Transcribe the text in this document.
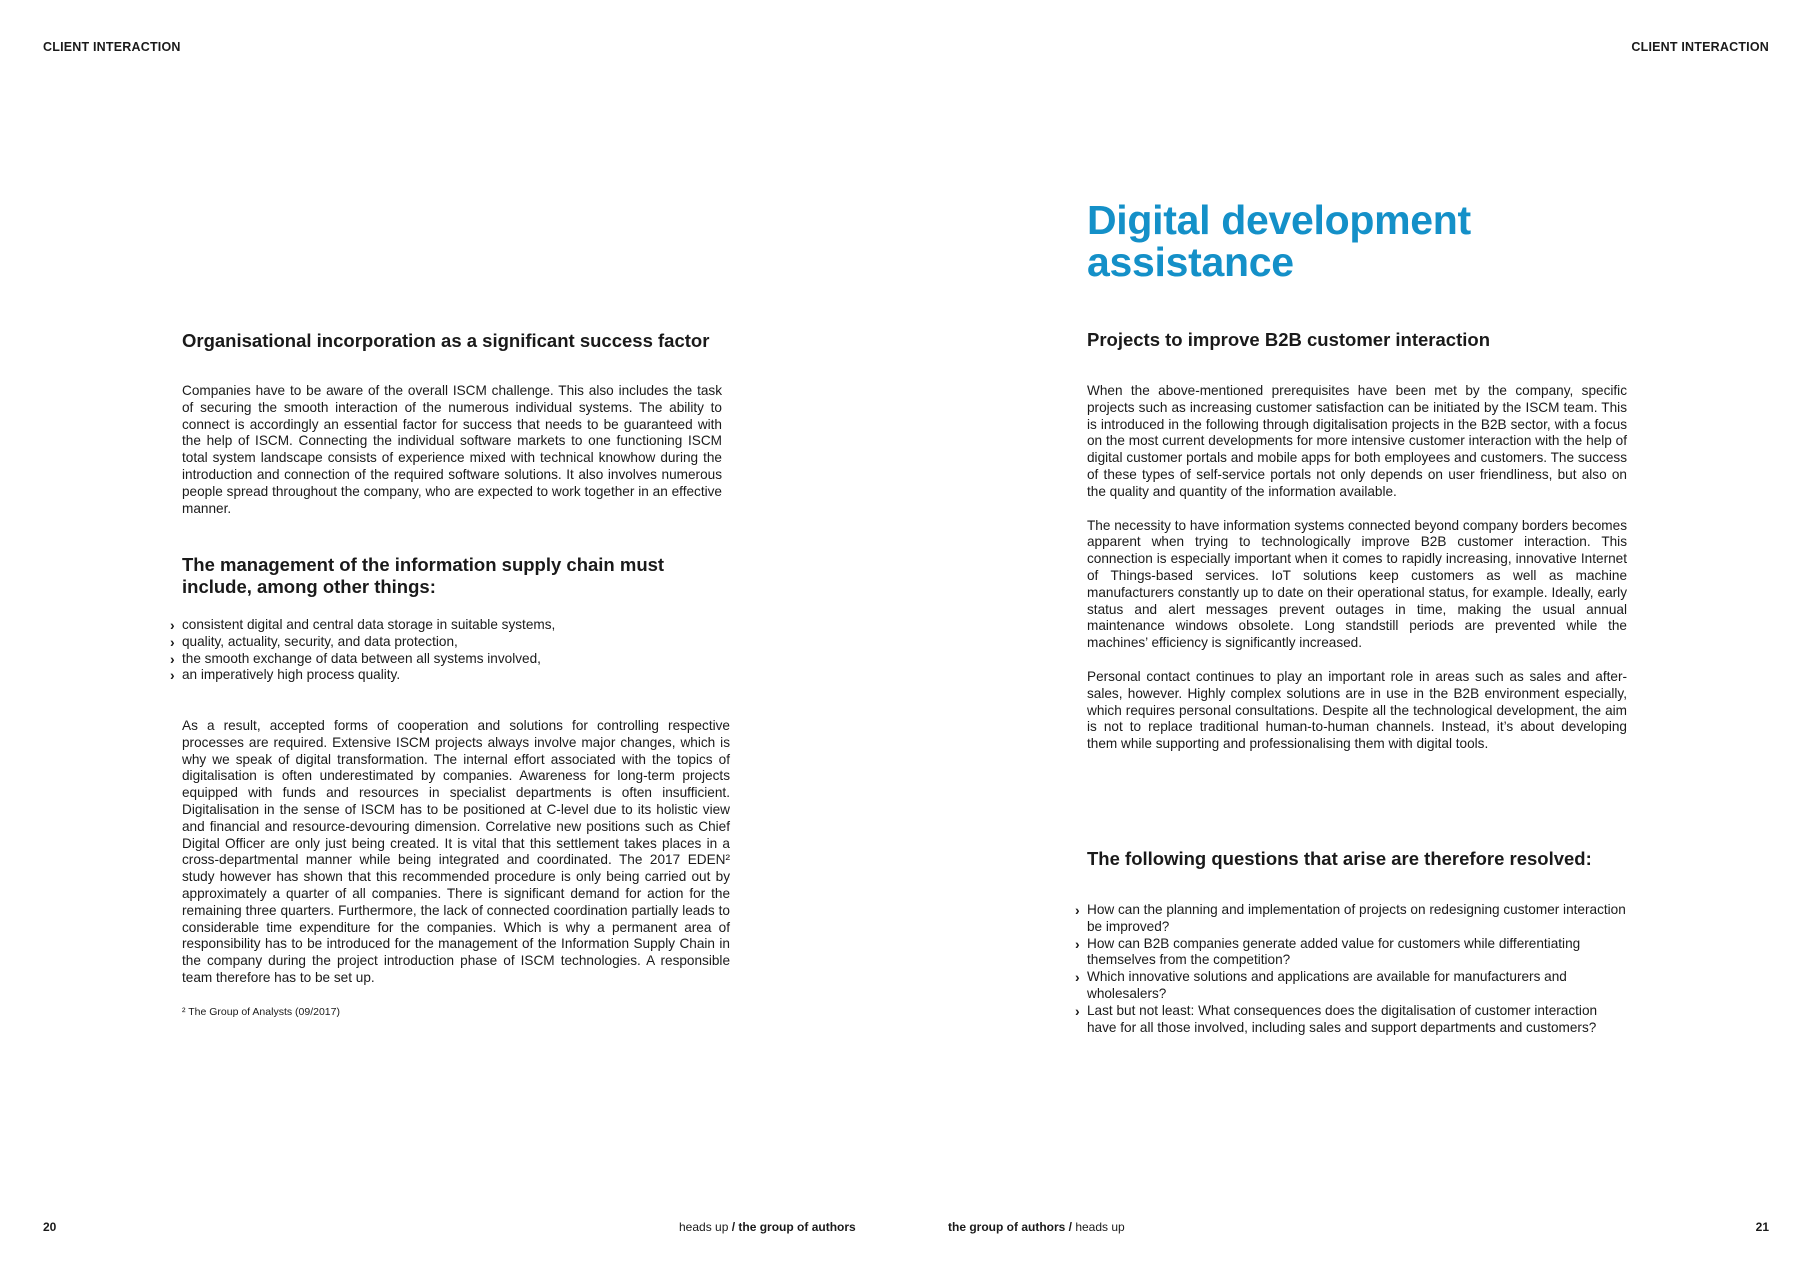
CLIENT INTERACTION
Organisational incorporation as a significant success factor

Companies have to be aware of the overall ISCM challenge. This also includes the task of securing the smooth interaction of the numerous individual systems. The ability to connect is accordingly an essential factor for success that needs to be guaranteed with the help of ISCM. Connecting the individual software markets to one functioning ISCM total system landscape consists of experience mixed with technical knowhow during the introduction and connection of the required software solutions. It also involves numerous people spread throughout the company, who are expected to work together in an effective manner.

The management of the information supply chain must
include, among other things:
› consistent digital and central data storage in suitable systems,
› quality, actuality, security, and data protection,
› the smooth exchange of data between all systems involved,
› an imperatively high process quality.

As a result, accepted forms of cooperation and solutions for controlling respective processes are required. Extensive ISCM projects always involve major changes, which is why we speak of digital transformation. The internal effort associated with the topics of digitalisation is often underestimated by companies. Awareness for long-term projects equipped with funds and resources in specialist departments is often insufficient. Digitalisation in the sense of ISCM has to be positioned at C-level due to its holistic view and financial and resource-devouring dimension. Correlative new positions such as Chief Digital Officer are only just being created. It is vital that this settlement takes places in a cross-departmental manner while being integrated and coordinated. The 2017 EDEN² study however has shown that this recommended procedure is only being carried out by approximately a quarter of all companies. There is significant demand for action for the remaining three quarters. Furthermore, the lack of connected coordination partially leads to considerable time expenditure for the companies. Which is why a permanent area of responsibility has to be introduced for the management of the Information Supply Chain in the company during the project introduction phase of ISCM technologies. A responsible team therefore has to be set up.

² The Group of Analysts (09/2017)
20	heads up / the group of authors
CLIENT INTERACTION
Digital development
assistance
Projects to improve B2B customer interaction

When the above-mentioned prerequisites have been met by the company, specific projects such as increasing customer satisfaction can be initiated by the ISCM team. This is introduced in the following through digitalisation projects in the B2B sector, with a focus on the most current developments for more intensive customer interaction with the help of digital customer portals and mobile apps for both employees and customers. The success of these types of self-service portals not only depends on user friendliness, but also on the quality and quantity of the information available.

The necessity to have information systems connected beyond company borders becomes apparent when trying to technologically improve B2B customer interaction. This connection is especially important when it comes to rapidly increasing, innovative Internet of Things-based services. IoT solutions keep customers as well as machine manufacturers constantly up to date on their operational status, for example. Ideally, early status and alert messages prevent outages in time, making the usual annual maintenance windows obsolete. Long standstill periods are prevented while the machines’ efficiency is significantly increased.

Personal contact continues to play an important role in areas such as sales and after-sales, however. Highly complex solutions are in use in the B2B environment especially, which requires personal consultations. Despite all the technological development, the aim is not to replace traditional human-to-human channels. Instead, it’s about developing them while supporting and professionalising them with digital tools.

The following questions that arise are therefore resolved:
› How can the planning and implementation of projects on redesigning customer interaction be improved?
› How can B2B companies generate added value for customers while differentiating themselves from the competition?
› Which innovative solutions and applications are available for manufacturers and wholesalers?
› Last but not least: What consequences does the digitalisation of customer interaction have for all those involved, including sales and support departments and customers?
the group of authors / heads up	21
